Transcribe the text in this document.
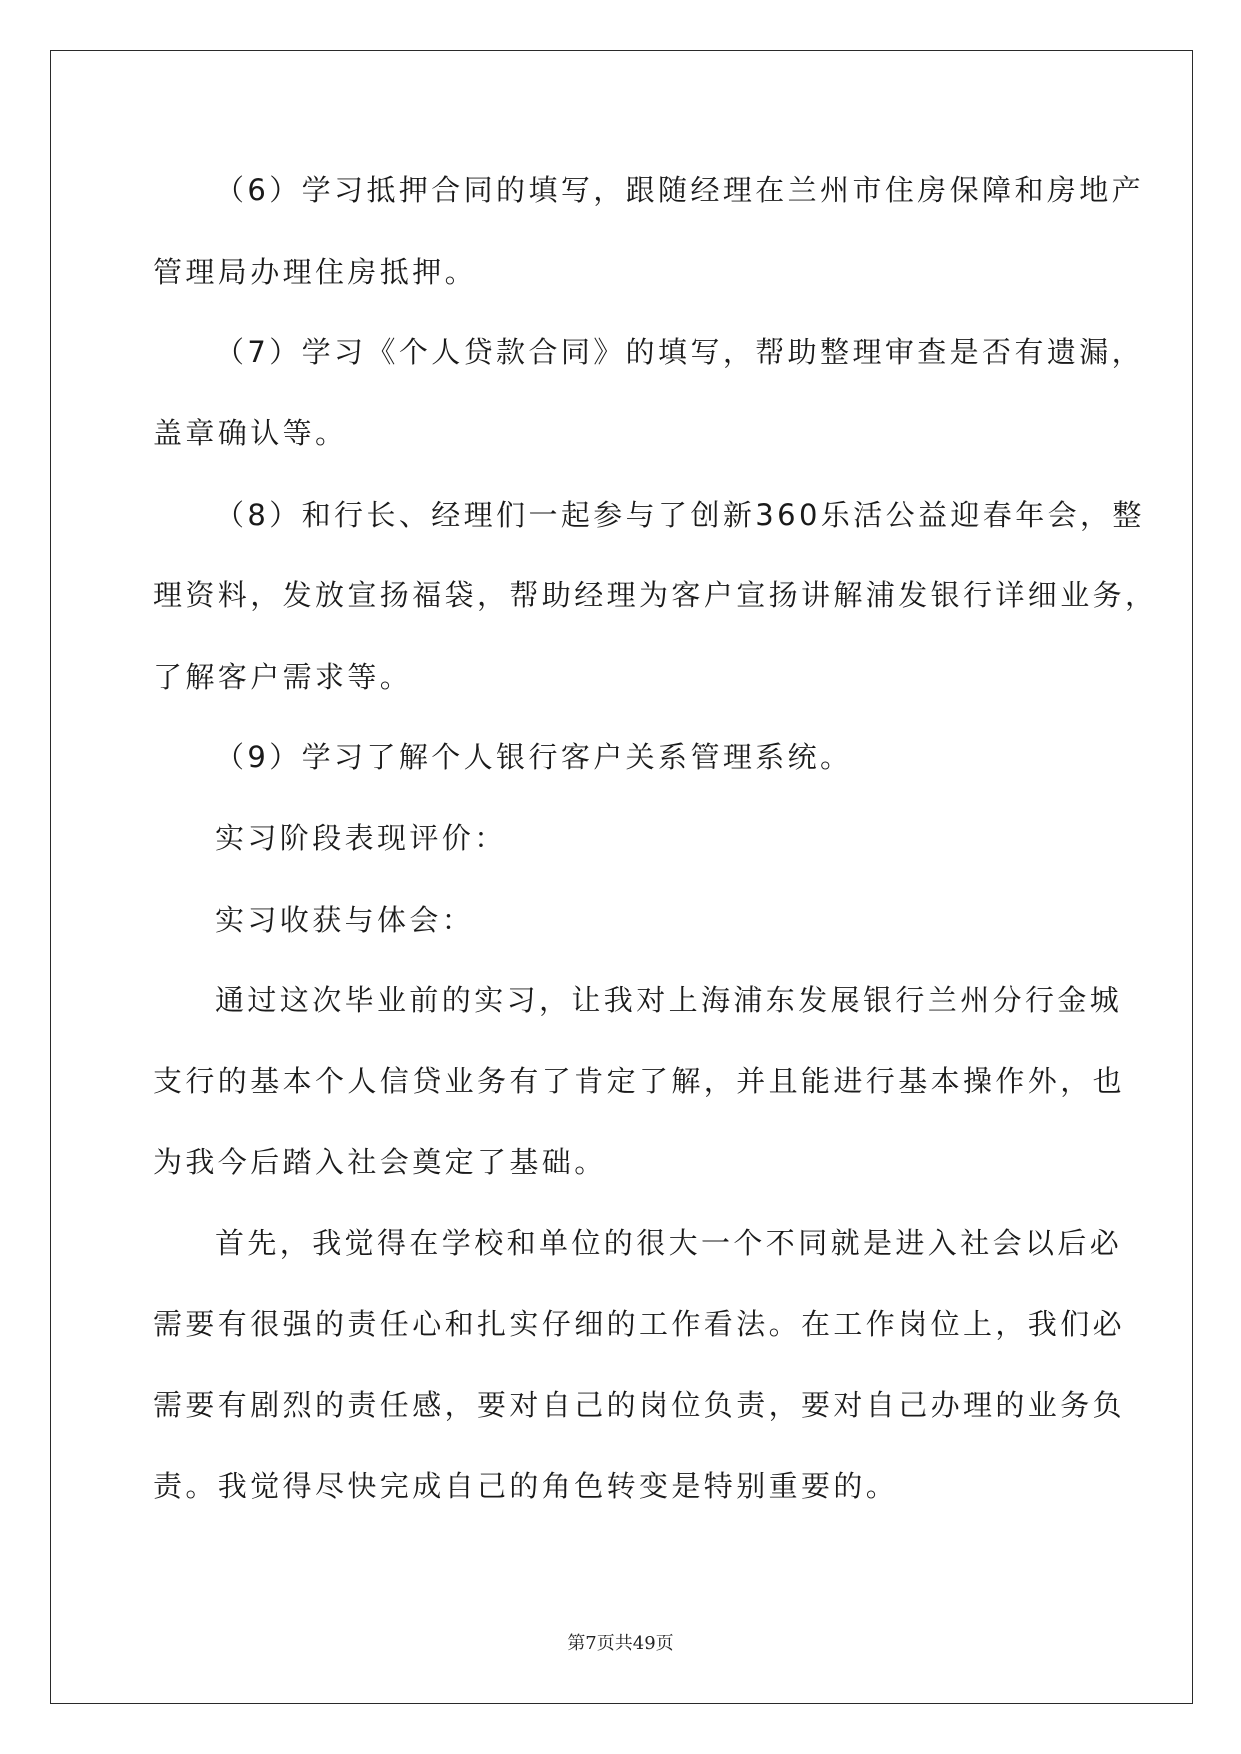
（6）学习抵押合同的填写，跟随经理在兰州市住房保障和房地产
管理局办理住房抵押。
（7）学习《个人贷款合同》的填写，帮助整理审查是否有遗漏，
盖章确认等。
（8）和行长、经理们一起参与了创新360乐活公益迎春年会，整
理资料，发放宣扬福袋，帮助经理为客户宣扬讲解浦发银行详细业务，
了解客户需求等。
（9）学习了解个人银行客户关系管理系统。
实习阶段表现评价：
实习收获与体会：
通过这次毕业前的实习，让我对上海浦东发展银行兰州分行金城
支行的基本个人信贷业务有了肯定了解，并且能进行基本操作外，也
为我今后踏入社会奠定了基础。
首先，我觉得在学校和单位的很大一个不同就是进入社会以后必
需要有很强的责任心和扎实仔细的工作看法。在工作岗位上，我们必
需要有剧烈的责任感，要对自己的岗位负责，要对自己办理的业务负
责。我觉得尽快完成自己的角色转变是特别重要的。
第7页共49页
